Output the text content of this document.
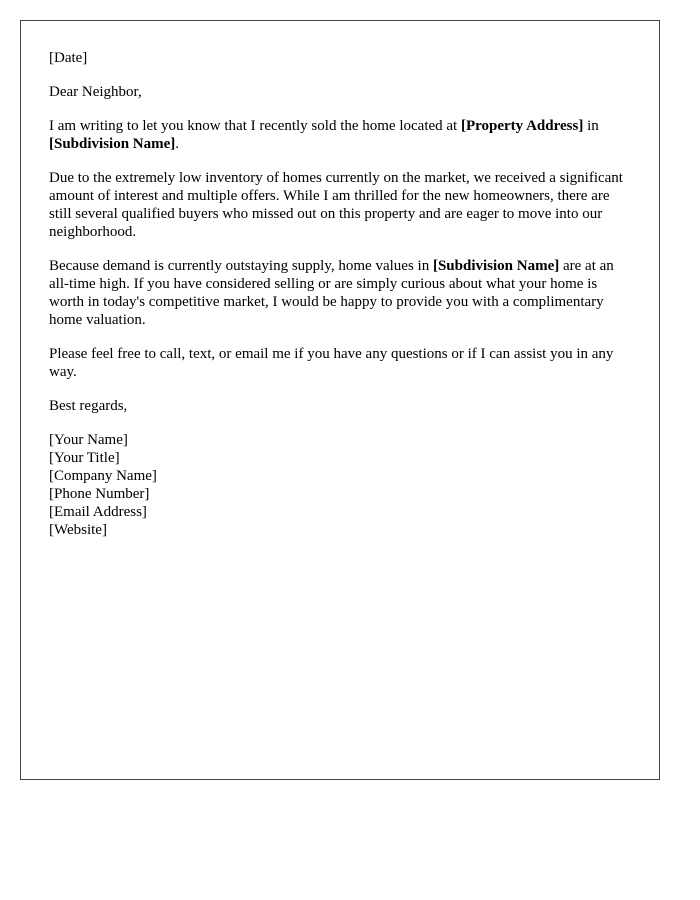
[Date]

Dear Neighbor,

I am writing to let you know that I recently sold the home located at [Property Address] in [Subdivision Name].

Due to the extremely low inventory of homes currently on the market, we received a significant amount of interest and multiple offers. While I am thrilled for the new homeowners, there are still several qualified buyers who missed out on this property and are eager to move into our neighborhood.

Because demand is currently outstaying supply, home values in [Subdivision Name] are at an all-time high. If you have considered selling or are simply curious about what your home is worth in today's competitive market, I would be happy to provide you with a complimentary home valuation.

Please feel free to call, text, or email me if you have any questions or if I can assist you in any way.

Best regards,

[Your Name]
[Your Title]
[Company Name]
[Phone Number]
[Email Address]
[Website]
